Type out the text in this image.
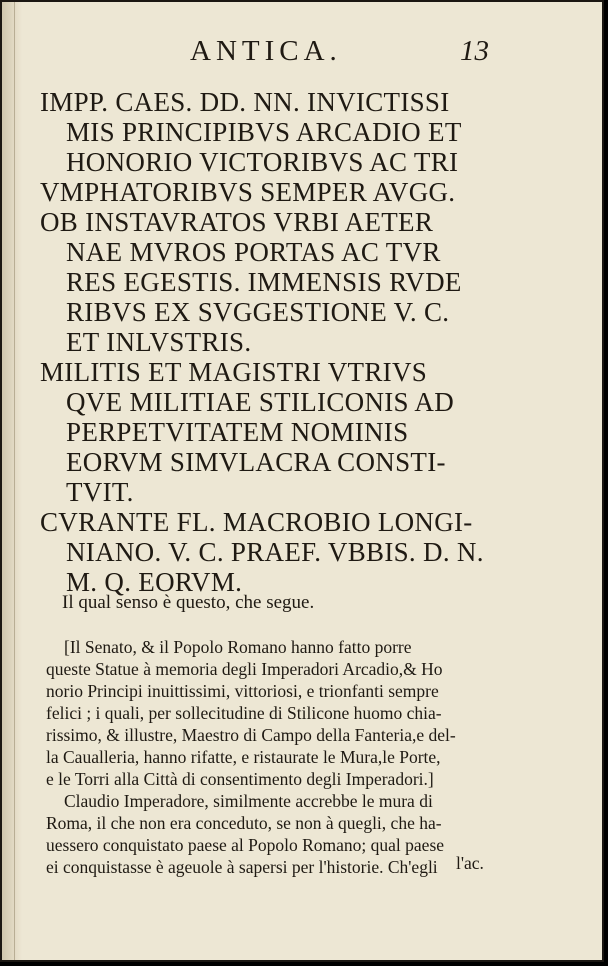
ANTICA.	13
IMPP. CAES. DD. NN. INVICTISSI
MIS PRINCIPIBVS ARCADIO ET
HONORIO VICTORIBVS AC TRI
VMPHATORIBVS SEMPER AVGG.
OB INSTAVRATOS VRBI AETER
NAE MVROS PORTAS AC TVR
RES EGESTIS. IMMENSIS RVDE
RIBVS EX SVGGESTIONE V. C.
ET INLVSTRIS.
MILITIS ET MAGISTRI VTRIVS
QVE MILITIAE STILICONIS AD
PERPETVITATEM NOMINIS
EORVM SIMVLACRA CONSTI-
TVIT.
CVRANTE FL. MACROBIO LONGI-
NIANO. V. C. PRAEF. VBBIS. D. N.
M. Q. EORVM.
Il qual senso è questo, che segue.
[Il Senato, & il Popolo Romano hanno fatto porre
queste Statue à memoria degli Imperadori Arcadio,& Ho
norio Principi inuittissimi, vittoriosi, e trionfanti sempre
felici ; i quali, per sollecitudine di Stilicone huomo chia-
rissimo, & illustre, Maestro di Campo della Fanteria,e del-
la Caualleria, hanno rifatte, e ristaurate le Mura,le Porte,
e le Torri alla Città di consentimento degli Imperadori.]
Claudio Imperadore, similmente accrebbe le mura di
Roma, il che non era conceduto, se non à quegli, che ha-
uessero conquistato paese al Popolo Romano; qual paese
ei conquistasse è ageuole à sapersi per l'historie. Ch'egli l'ac.
